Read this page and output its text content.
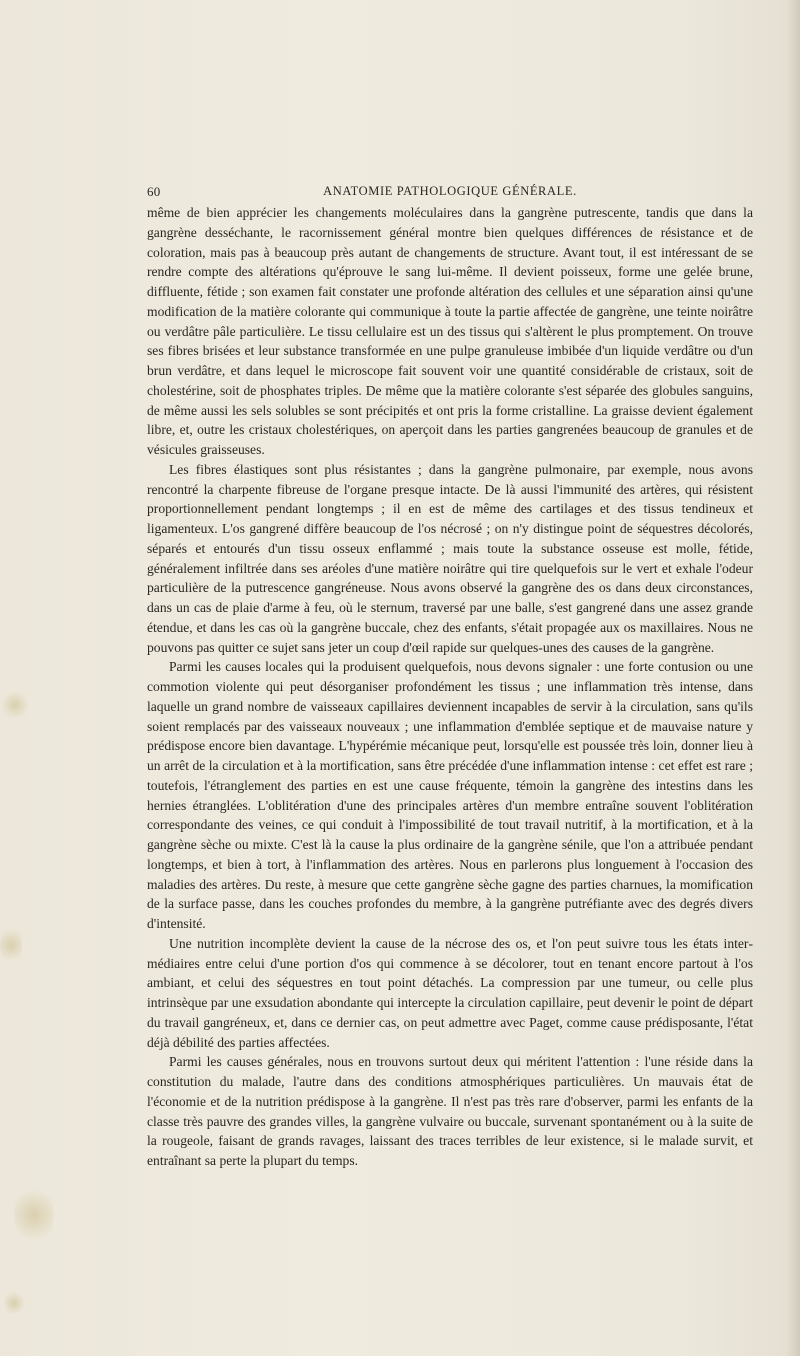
60	ANATOMIE PATHOLOGIQUE GÉNÉRALE.

même de bien apprécier les changements moléculaires dans la gangrène putrescente, tandis que dans la gangrène desséchante, le racornissement général montre bien quelques différences de résistance et de coloration, mais pas à beaucoup près autant de changements de structure. Avant tout, il est intéressant de se rendre compte des altérations qu'éprouve le sang lui-même. Il devient poisseux, forme une gelée brune, diffluente, fétide ; son examen fait constater une profonde altération des cellules et une séparation ainsi qu'une modification de la matière colorante qui communique à toute la partie affectée de gangrène, une teinte noirâtre ou verdâtre pâle particulière. Le tissu cellulaire est un des tissus qui s'altèrent le plus promptement. On trouve ses fibres brisées et leur substance transformée en une pulpe granuleuse imbibée d'un liquide verdâtre ou d'un brun verdâtre, et dans lequel le microscope fait souvent voir une quantité considérable de cristaux, soit de cholestérine, soit de phosphates triples. De même que la matière colorante s'est séparée des globules sanguins, de même aussi les sels solubles se sont précipités et ont pris la forme cristalline. La graisse devient également libre, et, outre les cristaux cholestériques, on aperçoit dans les parties gangrenées beaucoup de granules et de vésicules graisseuses.

Les fibres élastiques sont plus résistantes ; dans la gangrène pulmonaire, par exemple, nous avons rencontré la charpente fibreuse de l'organe presque intacte. De là aussi l'immunité des artères, qui résistent proportionnellement pendant longtemps ; il en est de même des cartilages et des tissus tendineux et ligamenteux. L'os gangrené diffère beaucoup de l'os nécrosé ; on n'y distingue point de séquestres décolorés, séparés et entourés d'un tissu osseux enflammé ; mais toute la substance osseuse est molle, fétide, généralement infiltrée dans ses aréoles d'une matière noirâtre qui tire quelquefois sur le vert et exhale l'odeur particulière de la putrescence gangréneuse. Nous avons observé la gangrène des os dans deux circonstances, dans un cas de plaie d'arme à feu, où le sternum, traversé par une balle, s'est gangrené dans une assez grande étendue, et dans les cas où la gangrène buccale, chez des enfants, s'était propagée aux os maxillaires. Nous ne pouvons pas quitter ce sujet sans jeter un coup d'œil rapide sur quelques-unes des causes de la gangrène.

Parmi les causes locales qui la produisent quelquefois, nous devons signaler : une forte contusion ou une commotion violente qui peut désorganiser profondément les tissus ; une inflammation très intense, dans laquelle un grand nombre de vaisseaux capillaires deviennent incapables de servir à la circulation, sans qu'ils soient remplacés par des vaisseaux nouveaux ; une inflammation d'emblée septique et de mauvaise nature y prédispose encore bien davantage. L'hypérémie mécanique peut, lorsqu'elle est poussée très loin, donner lieu à un arrêt de la circulation et à la mortification, sans être précédée d'une inflammation intense : cet effet est rare ; toutefois, l'étranglement des parties en est une cause fréquente, témoin la gangrène des intestins dans les hernies étranglées. L'oblitération d'une des principales artères d'un membre entraîne souvent l'oblitération correspondante des veines, ce qui conduit à l'impossibilité de tout travail nutritif, à la mortification, et à la gangrène sèche ou mixte. C'est là la cause la plus ordinaire de la gangrène sénile, que l'on a attribuée pendant longtemps, et bien à tort, à l'inflammation des artères. Nous en parlerons plus longuement à l'occasion des maladies des artères. Du reste, à mesure que cette gangrène sèche gagne des parties charnues, la momification de la surface passe, dans les couches profondes du membre, à la gangrène putréfiante avec des degrés divers d'intensité.

Une nutrition incomplète devient la cause de la nécrose des os, et l'on peut suivre tous les états intermédiaires entre celui d'une portion d'os qui commence à se décolorer, tout en tenant encore partout à l'os ambiant, et celui des séquestres en tout point détachés. La compression par une tumeur, ou celle plus intrinsèque par une exsudation abondante qui intercepte la circulation capillaire, peut devenir le point de départ du travail gangréneux, et, dans ce dernier cas, on peut admettre avec Paget, comme cause prédisposante, l'état déjà débilité des parties affectées.

Parmi les causes générales, nous en trouvons surtout deux qui méritent l'attention : l'une réside dans la constitution du malade, l'autre dans des conditions atmosphériques particulières. Un mauvais état de l'économie et de la nutrition prédispose à la gangrène. Il n'est pas très rare d'observer, parmi les enfants de la classe très pauvre des grandes villes, la gangrène vulvaire ou buccale, survenant spontanément ou à la suite de la rougeole, faisant de grands ravages, laissant des traces terribles de leur existence, si le malade survit, et entraînant sa perte la plupart du temps.
